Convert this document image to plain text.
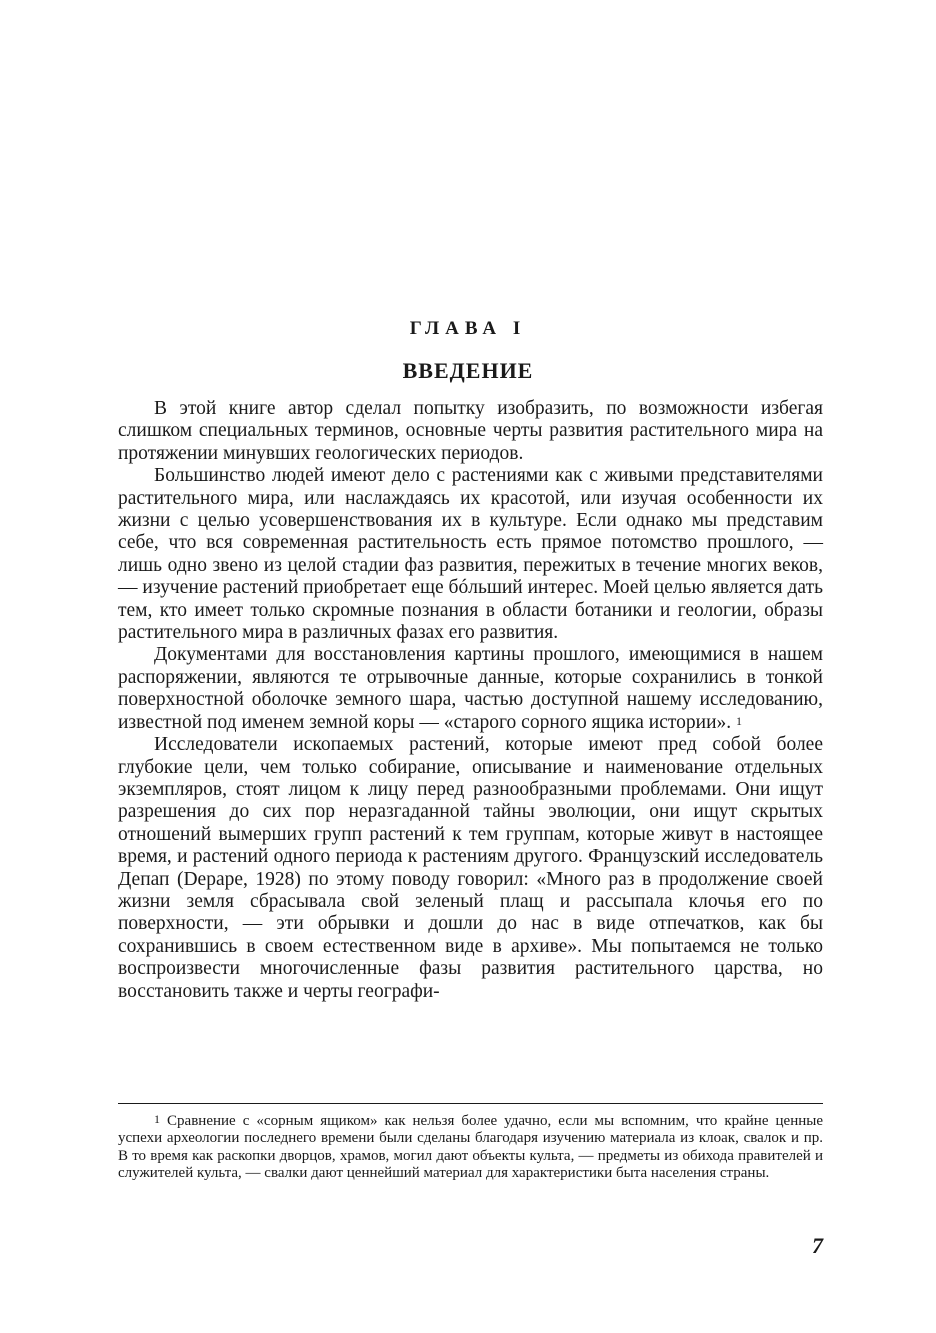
ГЛАВА I
ВВЕДЕНИЕ

В этой книге автор сделал попытку изобразить, по возможности избегая слишком специальных терминов, основные черты развития растительного мира на протяжении минувших геологических периодов.

Большинство людей имеют дело с растениями как с живыми представителями растительного мира, или наслаждаясь их красотой, или изучая особенности их жизни с целью усовершенствования их в культуре. Если однако мы представим себе, что вся современная растительность есть прямое потомство прошлого, — лишь одно звено из целой стадии фаз развития, пережитых в течение многих веков, — изучение растений приобретает еще бóльший интерес. Моей целью является дать тем, кто имеет только скромные познания в области ботаники и геологии, образы растительного мира в различных фазах его развития.

Документами для восстановления картины прошлого, имеющимися в нашем распоряжении, являются те отрывочные данные, которые сохранились в тонкой поверхностной оболочке земного шара, частью доступной нашему исследованию, известной под именем земной коры — «старого сорного ящика истории». $^1$

Исследователи ископаемых растений, которые имеют пред собой более глубокие цели, чем только собирание, описывание и наименование отдельных экземпляров, стоят лицом к лицу перед разнообразными проблемами. Они ищут разрешения до сих пор неразгаданной тайны эволюции, они ищут скрытых отношений вымерших групп растений к тем группам, которые живут в настоящее время, и растений одного периода к растениям другого. Французский исследователь Депап (Depape, 1928) по этому поводу говорил: «Много раз в продолжение своей жизни земля сбрасывала свой зеленый плащ и рассыпала клочья его по поверхности, — эти обрывки и дошли до нас в виде отпечатков, как бы сохранившись в своем естественном виде в архиве». Мы попытаемся не только воспроизвести многочисленные фазы развития растительного царства, но восстановить также и черты географи-

$^1$ Сравнение с «сорным ящиком» как нельзя более удачно, если мы вспомним, что крайне ценные успехи археологии последнего времени были сделаны благодаря изучению материала из клоак, свалок и пр. В то время как раскопки дворцов, храмов, могил дают объекты культа, — предметы из обихода правителей и служителей культа, — свалки дают ценнейший материал для характеристики быта населения страны.
7
